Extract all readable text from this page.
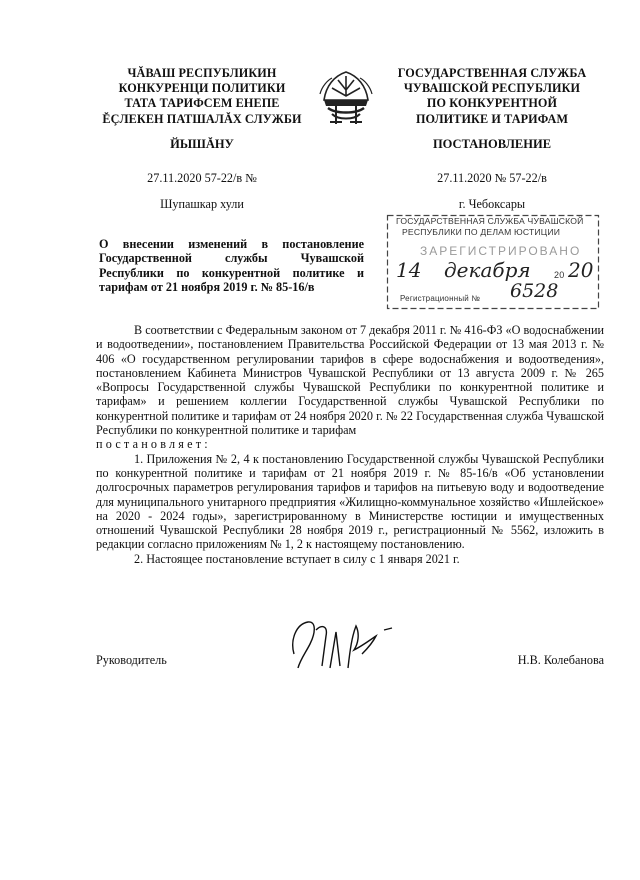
ЧĂВАШ РЕСПУБЛИКИН
КОНКУРЕНЦИ ПОЛИТИКИ
ТАТА ТАРИФСЕМ ЕНЕПЕ
ĔÇЛЕКЕН ПАТШАЛĂХ СЛУЖБИ
ГОСУДАРСТВЕННАЯ СЛУЖБА
ЧУВАШСКОЙ РЕСПУБЛИКИ
ПО КОНКУРЕНТНОЙ
ПОЛИТИКЕ И ТАРИФАМ
ЙЫШĂНУ	ПОСТАНОВЛЕНИЕ
27.11.2020 57-22/в №	27.11.2020 № 57-22/в
Шупашкар хули	г. Чебоксары
О внесении изменений в постановление
Государственной службы Чувашской
Республики по конкурентной политике и
тарифам от 21 ноября 2019 г. № 85-16/в
ГОСУДАРСТВЕННАЯ СЛУЖБА ЧУВАШСКОЙ
РЕСПУБЛИКИ ПО ДЕЛАМ ЮСТИЦИИ
ЗАРЕГИСТРИРОВАНО
14 декабря	20 20
Регистрационный № 6528

В соответствии с Федеральным законом от 7 декабря 2011 г. № 416-ФЗ «О водоснабжении и водоотведении», постановлением Правительства Российской Федерации от 13 мая 2013 г. № 406 «О государственном регулировании тарифов в сфере водоснабжения и водоотведения», постановлением Кабинета Министров Чувашской Республики от 13 августа 2009 г. № 265 «Вопросы Государственной службы Чувашской Республики по конкурентной политике и тарифам» и решением коллегии Государственной службы Чувашской Республики по конкурентной политике и тарифам от 24 ноября 2020 г. № 22 Государственная служба Чувашской Республики по конкурентной политике и тарифам

постановляет:

1. Приложения № 2, 4 к постановлению Государственной службы Чувашской Республики по конкурентной политике и тарифам от 21 ноября 2019 г. № 85-16/в «Об установлении долгосрочных параметров регулирования тарифов и тарифов на питьевую воду и водоотведение для муниципального унитарного предприятия «Жилищно-коммунальное хозяйство «Ишлейское» на 2020 - 2024 годы», зарегистрированному в Министерстве юстиции и имущественных отношений Чувашской Республики 28 ноября 2019 г., регистрационный № 5562, изложить в редакции согласно приложениям № 1, 2 к настоящему постановлению.

2. Настоящее постановление вступает в силу с 1 января 2021 г.

Руководитель	Н.В. Колебанова
